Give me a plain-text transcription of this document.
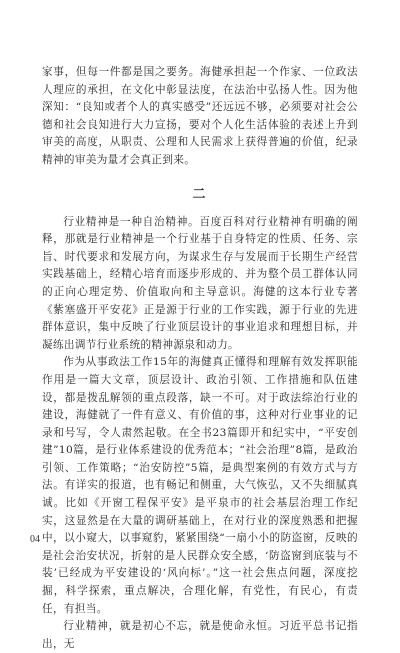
家事，但每一件都是国之要务。海健承担起一个作家、一位政法人理应的承担，在文化中彰显法度，在法治中弘扬人性。因为他深知：“良知或者个人的真实感受”还远远不够，必须要对社会公德和社会良知进行大力宣扬，要对个人化生活体验的表述上升到审美的高度，从职责、公理和人民需求上获得普遍的价值，纪录精神的审美为量才会真正到来。

二

行业精神是一种自治精神。百度百科对行业精神有明确的阐释，那就是行业精神是一个行业基于自身特定的性质、任务、宗旨、时代要求和发展方向，为谋求生存与发展而于长期生产经营实践基础上，经精心培育而逐步形成的、并为整个员工群体认同的正向心理定势、价值取向和主导意识。海健的这本行业专著《紫塞盛开平安花》正是源于行业的工作实践，源于行业的先进群体意识，集中反映了行业顶层设计的事业追求和理想目标，并凝练出调节行业系统的精神源泉和动力。

作为从事政法工作15年的海健真正懂得和理解有效发挥职能作用是一篇大文章，顶层设计、政治引领、工作措施和队伍建设，都是拨乱解领的重点段落，缺一不可。对于政法综治行业的建设，海健就了一件有意义、有价值的事，这种对行业事业的记录和号写，令人肃然起敬。在全书23篇即开和纪实中，“平安创建”10篇，是行业体系建设的优秀范本；“社会治理”8篇，是政治引领、工作策略；“治安防控”5篇，是典型案例的有效方式与方法。有详实的报道，也有畅记和侧重，大气恢弘，又不失细腻真诚。比如《开窗工程保平安》是平泉市的社会基层治理工作纪实，这显然是在大量的调研基础上，在对行业的深度熟悉和把握中，以小窥大，以事窥豹，紧紧围绕“一扇小小的防盗窗，反映的是社会治安状况，折射的是人民群众安全感，‘防盗窗到底装与不装’已经成为平安建设的‘风向标’。”这一社会焦点问题，深度挖掘，科学探索，重点解决，合理化解，有党性，有民心，有责任，有担当。

行业精神，就是初心不忘，就是使命永恒。习近平总书记指出，无

04
